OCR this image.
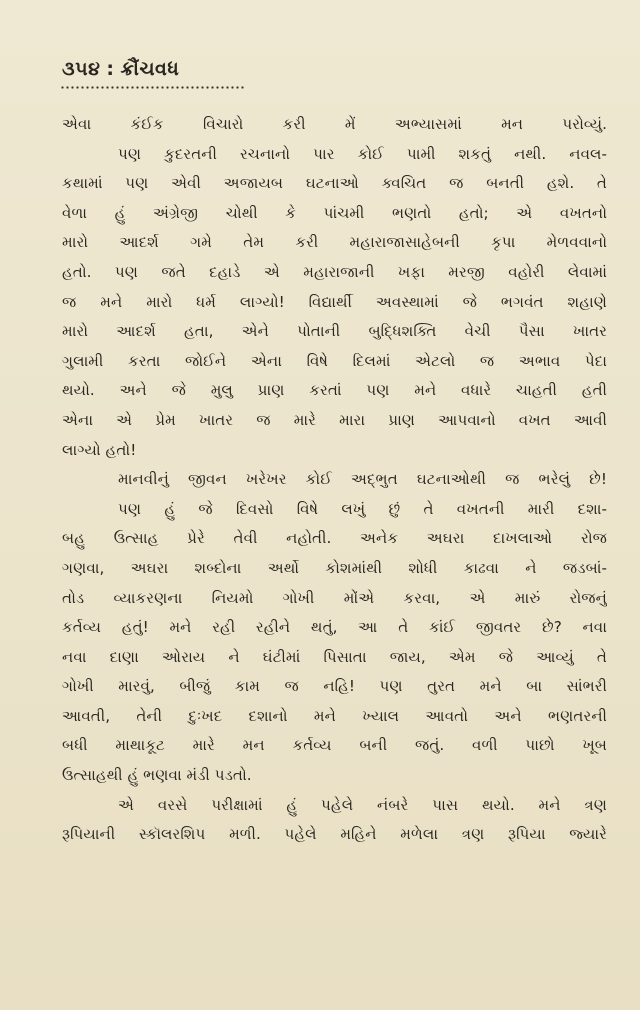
૩૫૪ : ક્રૌંચવધ
એવા કંઈક વિચારો કરી મેં અભ્યાસમાં મન પરોવ્યું.
પણ કુદરતની રચનાનો પાર કોઈ પામી શકતું નથી. નવલ-
કથામાં પણ એવી અજાયબ ઘટનાઓ ક્વચિત જ બનતી હશે. તે
વેળા હું અંગ્રેજી ચોથી કે પાંચમી ભણતો હતો; એ વખતનો
મારો આદર્શ ગમે તેમ કરી મહારાજાસાહેબની કૃપા મેળવવાનો
હતો. પણ જતે દહાડે એ મહારાજાની ખફા મરજી વહોરી લેવામાં
જ મને મારો ધર્મ લાગ્યો! વિદ્યાર્થી અવસ્થામાં જે ભગવંત શહાણે
મારો આદર્શ હતા, એને પોતાની બુદ્ધિશક્તિ વેચી પૈસા ખાતર
ગુલામી કરતા જોઈને એના વિષે દિલમાં એટલો જ અભાવ પેદા
થયો. અને જે મુલુ પ્રાણ કરતાં પણ મને વધારે ચાહતી હતી
એના એ પ્રેમ ખાતર જ મારે મારા પ્રાણ આપવાનો વખત આવી
લાગ્યો હતો!
માનવીનું જીવન ખરેખર કોઈ અદ્ભુત ઘટનાઓથી જ ભરેલું છે!
પણ હું જે દિવસો વિષે લખું છું તે વખતની મારી દશા-
બહુ ઉત્સાહ પ્રેરે તેવી નહોતી. અનેક અઘરા દાખલાઓ રોજ
ગણવા, અઘરા શબ્દોના અર્થો કોશમાંથી શોધી કાઢવા ને જડબાં-
તોડ વ્યાકરણના નિયમો ગોખી મોંએ કરવા, એ મારું રોજનું
કર્તવ્ય હતું! મને રહી રહીને થતું, આ તે કાંઈ જીવતર છે? નવા
નવા દાણા ઓરાય ને ઘંટીમાં પિસાતા જાય, એમ જે આવ્યું તે
ગોખી મારવું, બીજું કામ જ નહિ! પણ તુરત મને બા સાંભરી
આવતી, તેની દુઃખદ દશાનો મને ખ્યાલ આવતો અને ભણતરની
બધી માથાકૂટ મારે મન કર્તવ્ય બની જતું. વળી પાછો ખૂબ
ઉત્સાહથી હું ભણવા મંડી પડતો.
એ વરસે પરીક્ષામાં હું પહેલે નંબરે પાસ થયો. મને ત્રણ
રૂપિયાની સ્કૉલરશિપ મળી. પહેલે મહિને મળેલા ત્રણ રૂપિયા જ્યારે
